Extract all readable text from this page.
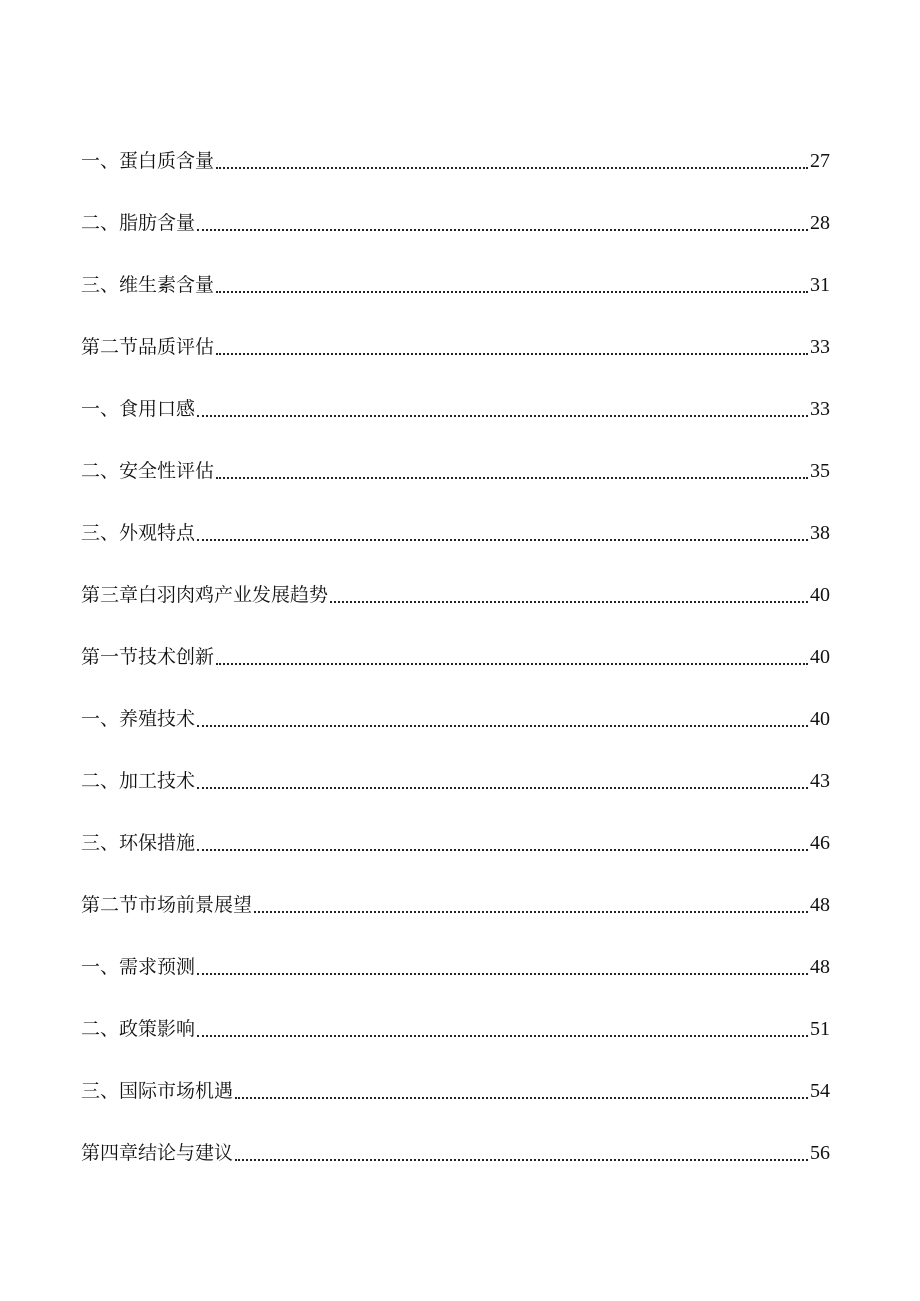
一、蛋白质含量	27
二、脂肪含量	28
三、维生素含量	31
第二节品质评估	33
一、食用口感	33
二、安全性评估	35
三、外观特点	38
第三章白羽肉鸡产业发展趋势	40
第一节技术创新	40
一、养殖技术	40
二、加工技术	43
三、环保措施	46
第二节市场前景展望	48
一、需求预测	48
二、政策影响	51
三、国际市场机遇	54
第四章结论与建议	56
